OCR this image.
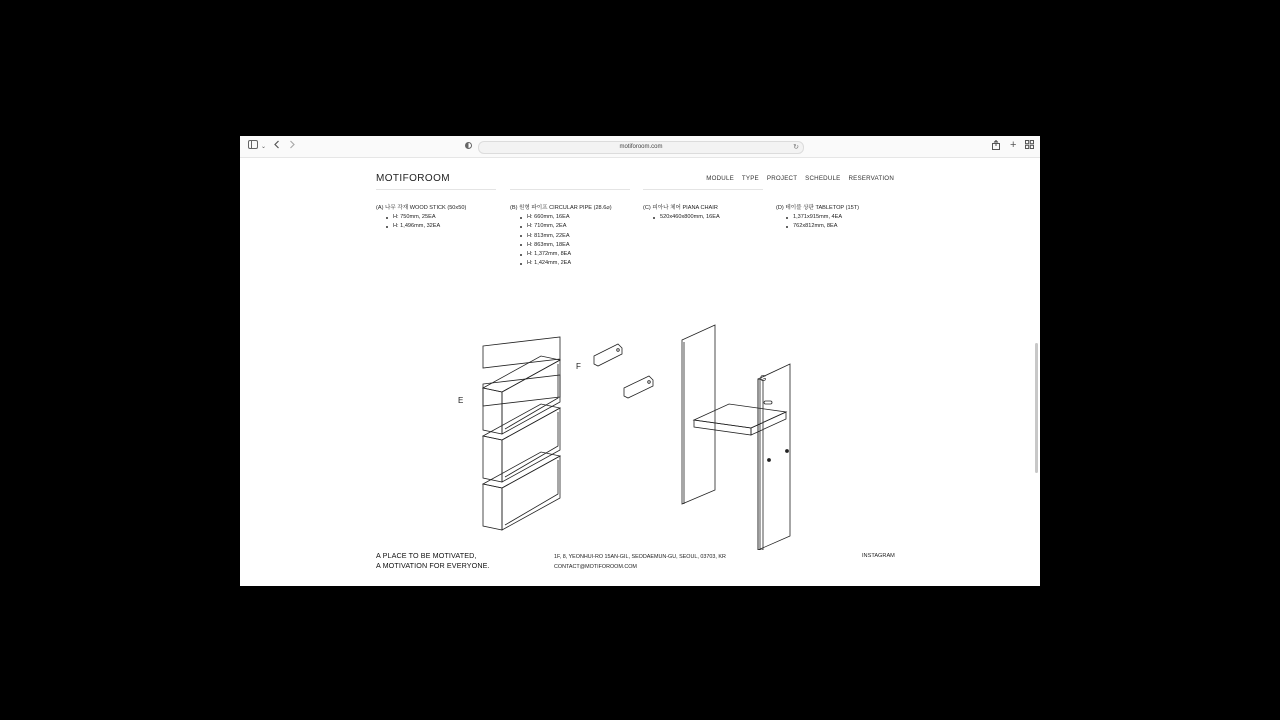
⌄	motiforoom.com	↻	+
MOTIFOROOM	MODULE TYPE PROJECT SCHEDULE RESERVATION
(A) 나무 각재 WOOD STICK (50x50)
H: 750mm, 25EA
H: 1,496mm, 32EA
(B) 원형 파이프 CIRCULAR PIPE (28.6⌀)
H: 660mm, 16EA
H: 710mm, 2EA
H: 813mm, 22EA
H: 863mm, 18EA
H: 1,372mm, 8EA
H: 1,424mm, 2EA
(C) 피아나 체어 PIANA CHAIR
520x460x800mm, 16EA
(D) 테이블 상판 TABLETOP (15T)
1,371x915mm, 4EA
762x812mm, 8EA
E
F
G
A PLACE TO BE MOTIVATED,
A MOTIVATION FOR EVERYONE.
1F, 8, YEONHUI-RO 15AN-GIL, SEODAEMUN-GU, SEOUL, 03703, KR
CONTACT@MOTIFOROOM.COM
INSTAGRAM
